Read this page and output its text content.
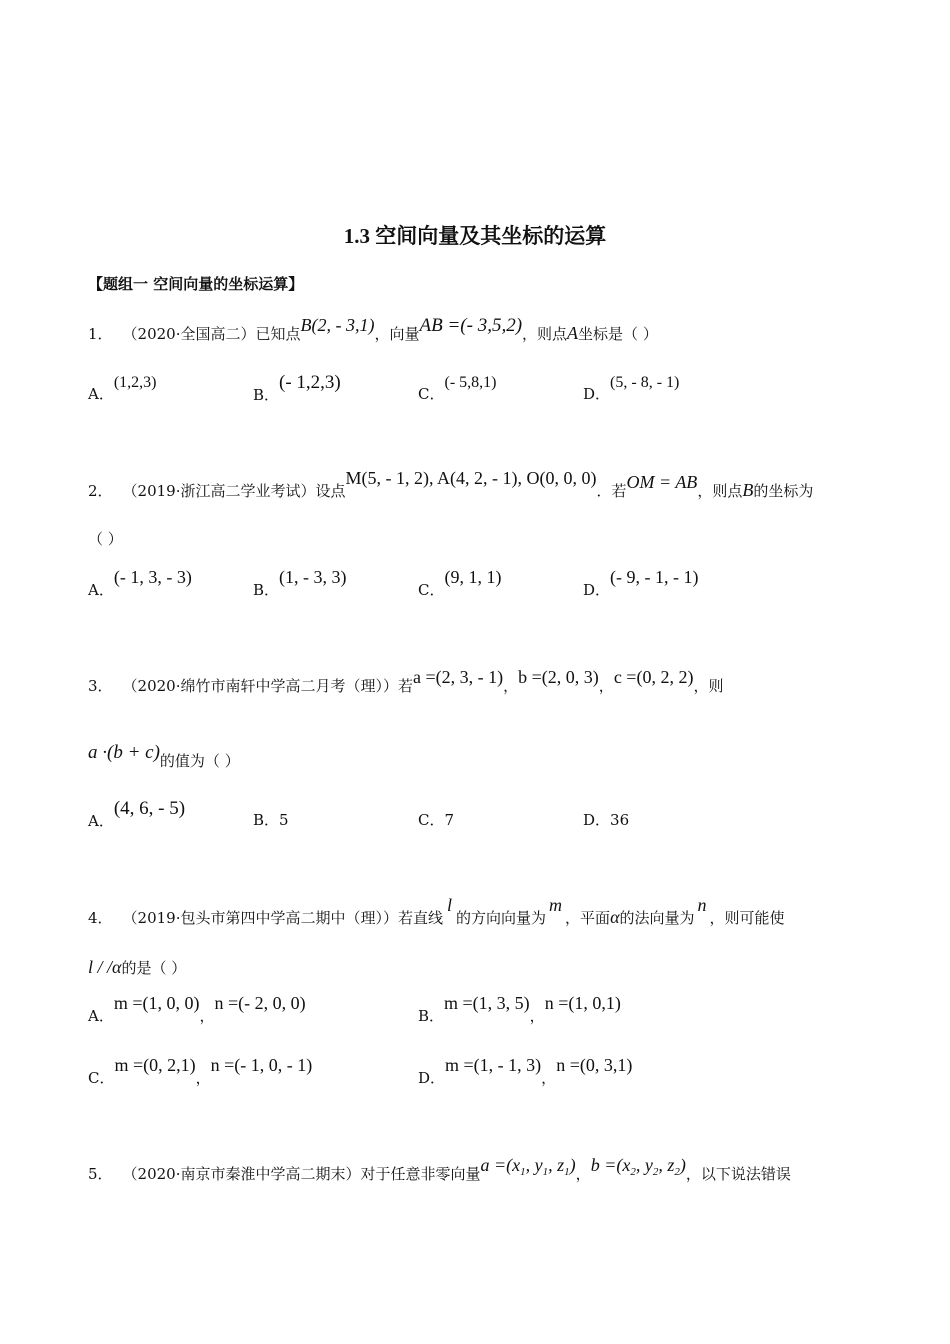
1.3 空间向量及其坐标的运算
【题组一 空间向量的坐标运算】
1． （2020·全国高二）已知点B(2, - 3,1)，向量AB =(- 3,5,2)，则点A坐标是（ ）
A．(1,2,3)
B．(- 1,2,3)
C．(- 5,8,1)
D．(5, - 8, - 1)
2． （2019·浙江高二学业考试）设点M(5, - 1, 2), A(4, 2, - 1), O(0, 0, 0)．若OM = AB，则点B的坐标为
（ ）
A．(- 1, 3, - 3)
B．(1, - 3, 3)
C．(9, 1, 1)
D．(- 9, - 1, - 1)
3． （2020·绵竹市南轩中学高二月考（理））若a =(2, 3, - 1)，b =(2, 0, 3)，c =(0, 2, 2)，则
a ·(b + c)的值为（ ）
A．(4, 6, - 5)
B．5	C．7	D．36
4． （2019·包头市第四中学高二期中（理））若直线l的方向向量为m，平面α的法向量为n，则可能使
l / /α的是（ ）
A．m =(1, 0, 0)，n =(- 2, 0, 0)
B．m =(1, 3, 5)，n =(1, 0,1)
C．m =(0, 2,1)，n =(- 1, 0, - 1)
D．m =(1, - 1, 3)，n =(0, 3,1)
5． （2020·南京市秦淮中学高二期末）对于任意非零向量$a =(x_1$, $y_1$, $z_1$)，$b =(x_2$, $y_2$, $z_2$)，以下说法错误
